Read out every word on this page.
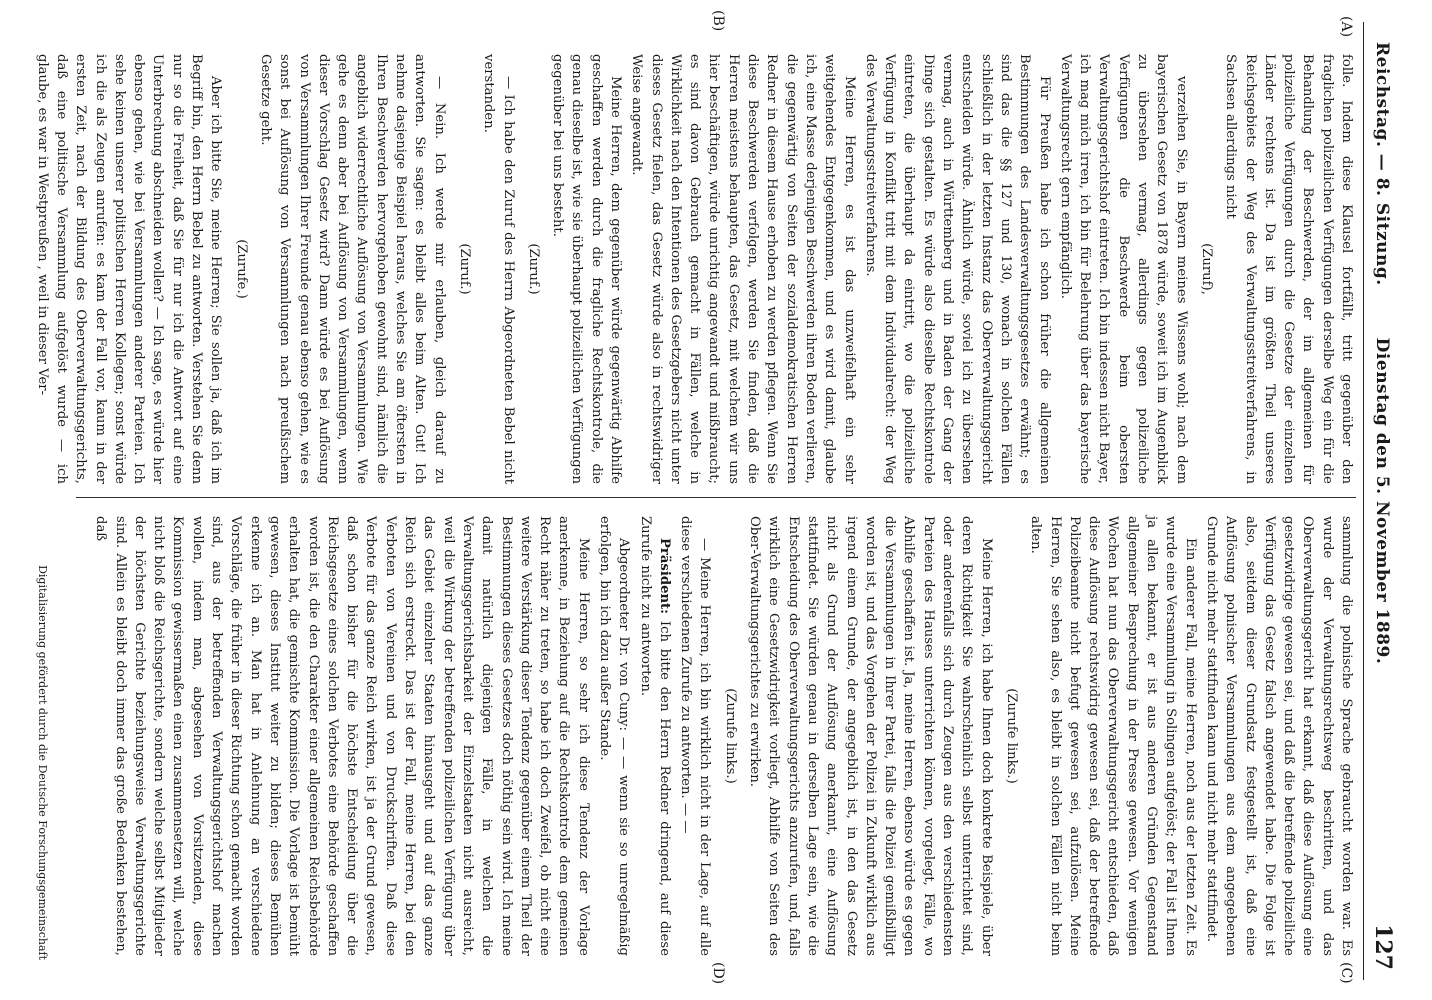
Reichstag. — 8. Sitzung.
Dienstag den 5. November 1889.
127
(A)
(B)
(C)
(D)

folle. Indem diese Klausel fortfällt, tritt gegenüber den fraglichen polizeilichen Verfügungen derselbe Weg ein für die Behandlung der Beschwerden, der im allgemeinen für polizeiliche Verfügungen durch die Gesetze der einzelnen Länder rechtens ist. Da ist im größten Theil unseres Reichsgebiets der Weg des Verwaltungsstreitverfahrens, in Sachsen allerdings nicht

(Zuruf),

verzeihen Sie, in Bayern meines Wissens wohl; nach dem bayerischen Gesetz von 1878 würde, soweit ich im Augenblick zu übersehen vermag, allerdings gegen polizeiliche Verfügungen die Beschwerde beim obersten Verwaltungsgerichtshof eintreten. Ich bin indessen nicht Bayer, ich mag mich irren, ich bin für Belehrung über das bayerische Verwaltungsrecht gern empfänglich.

Für Preußen habe ich schon früher die allgemeinen Bestimmungen des Landesverwaltungsgesetzes erwähnt; es sind das die §§ 127 und 130, wonach in solchen Fällen schließlich in der letzten Instanz das Oberverwaltungsgericht entscheiden würde. Ähnlich würde, soviel ich zu übersehen vermag, auch in Württemberg und in Baden der Gang der Dinge sich gestalten. Es würde also dieselbe Rechtskontrole eintreten, die überhaupt da eintritt, wo die polizeiliche Verfügung in Konflikt tritt mit dem Individualrecht: der Weg des Verwaltungsstreitverfahrens.

Meine Herren, es ist das unzweifelhaft ein sehr weitgehendes Entgegenkommen, und es wird damit, glaube ich, eine Masse derjenigen Beschwerden ihren Boden verlieren, die gegenwärtig von Seiten der sozialdemokratischen Herren Redner in diesem Hause erhoben zu werden pflegen. Wenn Sie diese Beschwerden verfolgen, werden Sie finden, daß die Herren meistens behaupten, das Gesetz, mit welchem wir uns hier beschäftigen, würde unrichtig angewandt und mißbraucht; es sind davon Gebrauch gemacht in Fällen, welche in Wirklichkeit nach den Intentionen des Gesetzgebers nicht unter dieses Gesetz fielen, das Gesetz würde also in rechtswidriger Weise angewandt.

Meine Herren, dem gegenüber würde gegenwärtig Abhilfe geschaffen werden durch die fragliche Rechtskontrole, die genau dieselbe ist, wie sie überhaupt polizeilichen Verfügungen gegenüber bei uns besteht.

(Zuruf.)

— Ich habe den Zuruf des Herrn Abgeordneten Bebel nicht verstanden.

(Zuruf.)

— Nein. Ich werde mir erlauben, gleich darauf zu antworten. Sie sagen: es bleibt alles beim Alten. Gut! Ich nehme dasjenige Beispiel heraus, welches Sie am öftersten in Ihren Beschwerden hervorgehoben gewohnt sind, nämlich die angeblich widerrechtliche Auflösung von Versammlungen. Wie gehe es denn aber bei Auflösung von Versammlungen, wenn dieser Vorschlag Gesetz wird? Dann würde es bei Auflösung von Versammlungen Ihrer Freunde genau ebenso gehen, wie es sonst bei Auflösung von Versammlungen nach preußischem Gesetze geht.

(Zurufe.)

Aber ich bitte Sie, meine Herren; Sie sollen ja, daß ich im Begriff bin, den Herrn Bebel zu antworten. Verstehen Sie denn nur so die Freiheit, daß Sie für nur ich die Antwort auf eine Unterbrechung abschneiden wollen? — Ich sage, es würde hier ebenso gehen, wie bei Versammlungen anderer Parteien. Ich sehe keinen unserer politischen Herren Kollegen; sonst würde ich die als Zeugen anrufen: es kam der Fall vor, kaum in der ersten Zeit, nach der Bildung des Oberverwaltungsgerichts, daß eine politische Versammlung aufgelöst wurde — ich glaube, es war in Westpreußen , weil in dieser Ver-

sammlung die polnische Sprache gebraucht worden war. Es wurde der Verwaltungsrechtsweg beschritten, und das Oberverwaltungsgericht hat erkannt, daß diese Auflösung eine gesetzwidrige gewesen sei, und daß die betreffende polizeiliche Verfügung das Gesetz falsch angewendet habe. Die Folge ist also, seitdem dieser Grundsatz festgestellt ist, daß eine Auflösung polnischer Versammlungen aus dem angegebenen Grunde nicht mehr stattfinden kann und nicht mehr stattfindet.

Ein anderer Fall, meine Herren, noch aus der letzten Zeit. Es wurde eine Versammlung in Solingen aufgelöst; der Fall ist Ihnen ja allen bekannt, er ist aus anderen Gründen Gegenstand allgemeiner Besprechung in der Presse gewesen. Vor wenigen Wochen hat nun das Oberverwaltungsgericht entschieden, daß diese Auflösung rechtswidrig gewesen sei, daß der betreffende Polizeibeamte nicht befugt gewesen sei, aufzulösen. Meine Herren, Sie sehen also, es bleibt in solchen Fällen nicht beim alten.

(Zurufe links.)

Meine Herren, ich habe Ihnen doch konkrete Beispiele, über deren Richtigkeit Sie wahrscheinlich selbst unterrichtet sind, oder anderenfalls sich durch Zeugen aus den verschiedensten Parteien des Hauses unterrichten können, vorgelegt, Fälle, wo Abhilfe geschaffen ist. Ja, meine Herren, ebenso würde es gegen die Versammlungen in Ihrer Partei, falls die Polizei gemißbilligt worden ist, und das Vorgehen der Polizei in Zukunft wirklich aus irgend einem Grunde, der angegeblich ist, in den das Gesetz nicht als Grund der Auflösung anerkannt, eine Auflösung stattfindet. Sie würden genau in derselben Lage sein, wie die Entscheidung des Oberverwaltungsgerichts anzurufen, und, falls wirklich eine Gesetzwidrigkeit vorliegt, Abhilfe von Seiten des Ober-Verwaltungsgerichtes zu erwirken.

(Zurufe links.)

— Meine Herren, ich bin wirklich nicht in der Lage, auf alle diese verschiedenen Zurufe zu antworten. — —

Präsident: Ich bitte den Herrn Redner dringend, auf diese Zurufe nicht zu antworten.

Abgeordneter Dr. von Cuny: — — wenn sie so unregelmäßig erfolgen, bin ich dazu außer Stande.

Meine Herren, so sehr ich diese Tendenz der Vorlage anerkenne, in Beziehung auf die Rechtskontrole dem gemeinen Recht näher zu treten, so habe ich doch Zweifel, ob nicht eine weitere Verstärkung dieser Tendenz gegenüber einem Theil der Bestimmungen dieses Gesetzes doch nöthig sein wird. Ich meine damit natürlich diejenigen Fälle, in welchen die Verwaltungsgerichtsbarkeit der Einzelstaaten nicht ausreicht, weil die Wirkung der betreffenden polizeilichen Verfügung über das Gebiet einzelner Staaten hinausgeht und auf das ganze Reich sich erstreckt. Das ist der Fall, meine Herren, bei den Verboten von Vereinen und von Druckschriften. Daß diese Verbote für das ganze Reich wirken, ist ja der Grund gewesen, daß schon bisher für die höchste Entscheidung über die Reichsgesetze eines solchen Verbotes eine Behörde geschaffen worden ist, die den Charakter einer allgemeinen Reichsbehörde erhalten hat, die gemischte Kommission. Die Vorlage ist bemüht gewesen, dieses Institut weiter zu bilden; dieses Bemühen erkenne ich an. Man hat in Anlehnung an verschiedene Vorschläge, die früher in dieser Richtung schon gemacht worden sind, aus der betreffenden Verwaltungsgerichtshof machen wollen, indem man, abgesehen von Vorsitzenden, diese Kommission gewissermaßen einen zusammensetzen will, welche nicht bloß die Reichsgerichte, sondern welche selbst Mitglieder der höchsten Gerichte beziehungsweise Verwaltungsgerichte sind. Allein es bleibt doch immer das große Bedenken bestehen, daß

Digitalisierung gefördert durch die Deutsche Forschungsgemeinschaft
